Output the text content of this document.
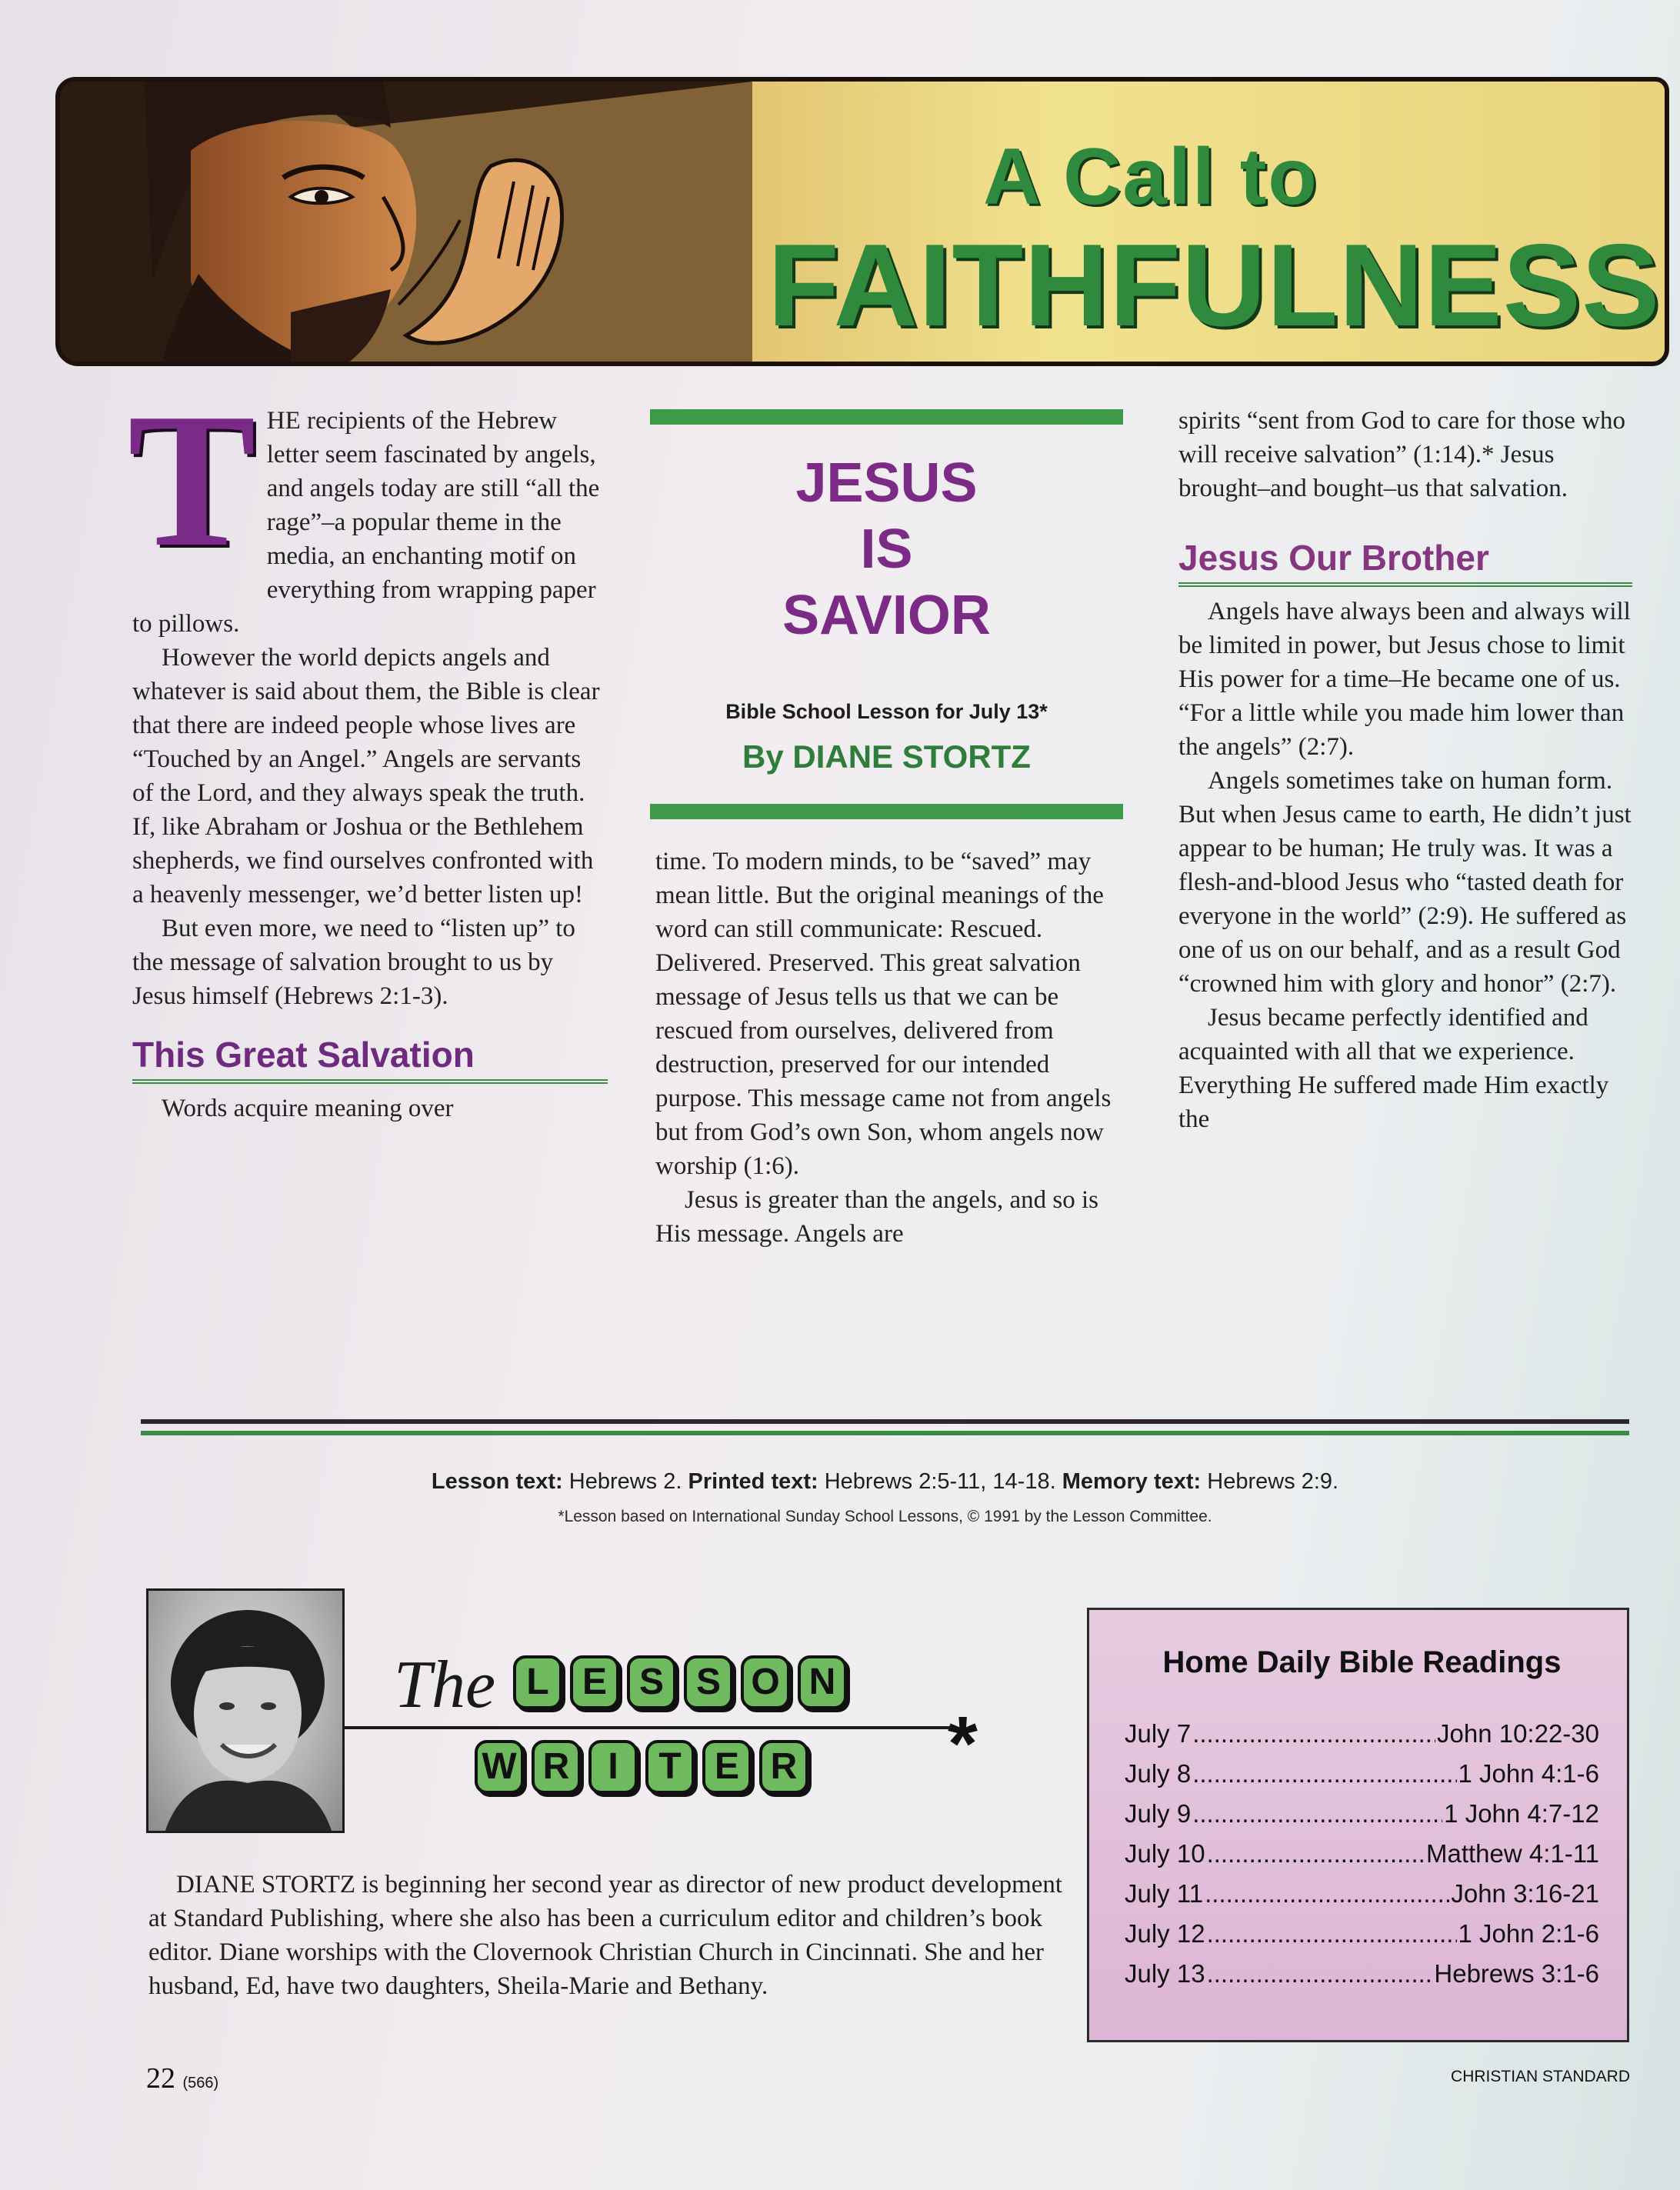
A Call to
FAITHFULNESS
T HE recipients of the Hebrew letter seem fascinated by angels, and angels today are still “all the rage”–a popular theme in the media, an enchanting motif on everything from wrapping paper to pillows.

However the world depicts angels and whatever is said about them, the Bible is clear that there are indeed people whose lives are “Touched by an Angel.” Angels are servants of the Lord, and they always speak the truth. If, like Abraham or Joshua or the Bethlehem shepherds, we find ourselves confronted with a heavenly messenger, we’d better listen up!

But even more, we need to “listen up” to the message of salvation brought to us by Jesus himself (Hebrews 2:1-3).

This Great Salvation

Words acquire meaning over

JESUS
IS
SAVIOR
Bible School Lesson for July 13*
By DIANE STORTZ

time. To modern minds, to be “saved” may mean little. But the original meanings of the word can still communicate: Rescued. Delivered. Preserved. This great salvation message of Jesus tells us that we can be rescued from ourselves, delivered from destruction, preserved for our intended purpose. This message came not from angels but from God’s own Son, whom angels now worship (1:6).

Jesus is greater than the angels, and so is His message. Angels are

spirits “sent from God to care for those who will receive salvation” (1:14).* Jesus brought–and bought–us that salvation.

Jesus Our Brother

Angels have always been and always will be limited in power, but Jesus chose to limit His power for a time–He became one of us. “For a little while you made him lower than the angels” (2:7).

Angels sometimes take on human form. But when Jesus came to earth, He didn’t just appear to be human; He truly was. It was a flesh-and-blood Jesus who “tasted death for everyone in the world” (2:9). He suffered as one of us on our behalf, and as a result God “crowned him with glory and honor” (2:7).

Jesus became perfectly identified and acquainted with all that we experience. Everything He suffered made Him exactly the

Lesson text: Hebrews 2. Printed text: Hebrews 2:5-11, 14-18. Memory text: Hebrews 2:9.
*Lesson based on International Sunday School Lessons, © 1991 by the Lesson Committee.
The L E S S O N
W R	I	T E R *

DIANE STORTZ is beginning her second year as director of new product development at Standard Publishing, where she also has been a curriculum editor and children’s book editor. Diane worships with the Clovernook Christian Church in Cincinnati. She and her husband, Ed, have two daughters, Sheila-Marie and Bethany.

Home Daily Bible Readings
July 7 .....	John 10:22-30
July 8 .....	1 John 4:1-6
July 9 .....	1 John 4:7-12
July 10 .....	Matthew 4:1-11
July 11 .....	John 3:16-21
July 12 .....	1 John 2:1-6
July 13 .....	Hebrews 3:1-6
22 (566)	CHRISTIAN STANDARD
